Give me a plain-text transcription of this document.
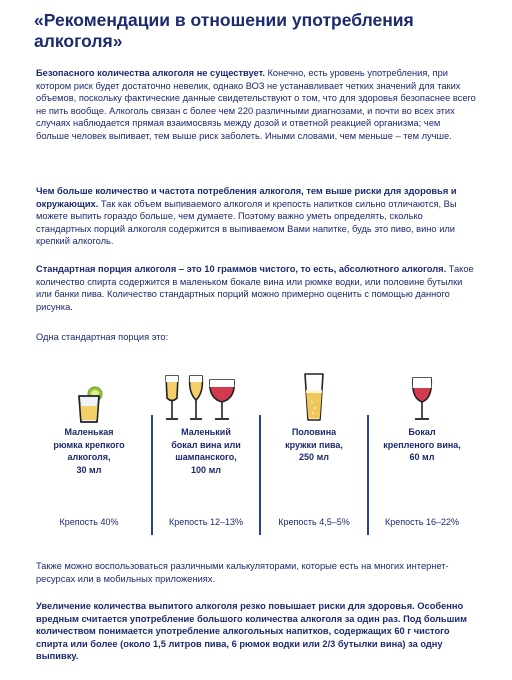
«Рекомендации в отношении употребления алкоголя»
Безопасного количества алкоголя не существует. Конечно, есть уровень употребления, при котором риск будет достаточно невелик, однако ВОЗ не устанавливает четких значений для таких объемов, поскольку фактические данные свидетельствуют о том, что для здоровья безопаснее всего не пить вообще. Алкоголь связан с более чем 220 различными диагнозами, и почти во всех этих случаях наблюдается прямая взаимосвязь между дозой и ответной реакцией организма; чем больше человек выпивает, тем выше риск заболеть. Иными словами, чем меньше – тем лучше.
Чем больше количество и частота потребления алкоголя, тем выше риски для здоровья и окружающих. Так как объем выпиваемого алкоголя и крепость напитков сильно отличаются, Вы можете выпить гораздо больше, чем думаете. Поэтому важно уметь определять, сколько стандартных порций алкоголя содержится в выпиваемом Вами напитке, будь это пиво, вино или крепкий алкоголь.
Стандартная порция алкоголя – это 10 граммов чистого, то есть, абсолютного алкоголя. Такое количество спирта содержится в маленьком бокале вина или рюмке водки, или половине бутылки или банки пива. Количество стандартных порций можно примерно оценить с помощью данного рисунка.
Одна стандартная порция это:
Маленькая
рюмка крепкого
алкоголя,
30 мл
Крепость 40%
Маленький
бокал вина или
шампанского,
100 мл
Крепость 12–13%
Половина
кружки пива,
250 мл
Крепость 4,5–5%
Бокал
крепленого вина,
60 мл
Крепость 16–22%
Также можно воспользоваться различными калькуляторами, которые есть на многих интернет-ресурсах или в мобильных приложениях.
Увеличение количества выпитого алкоголя резко повышает риски для здоровья. Особенно вредным считается употребление большого количества алкоголя за один раз. Под большим количеством понимается употребление алкогольных напитков, содержащих 60 г чистого спирта или более (около 1,5 литров пива, 6 рюмок водки или 2/3 бутылки вина) за одну выпивку.
